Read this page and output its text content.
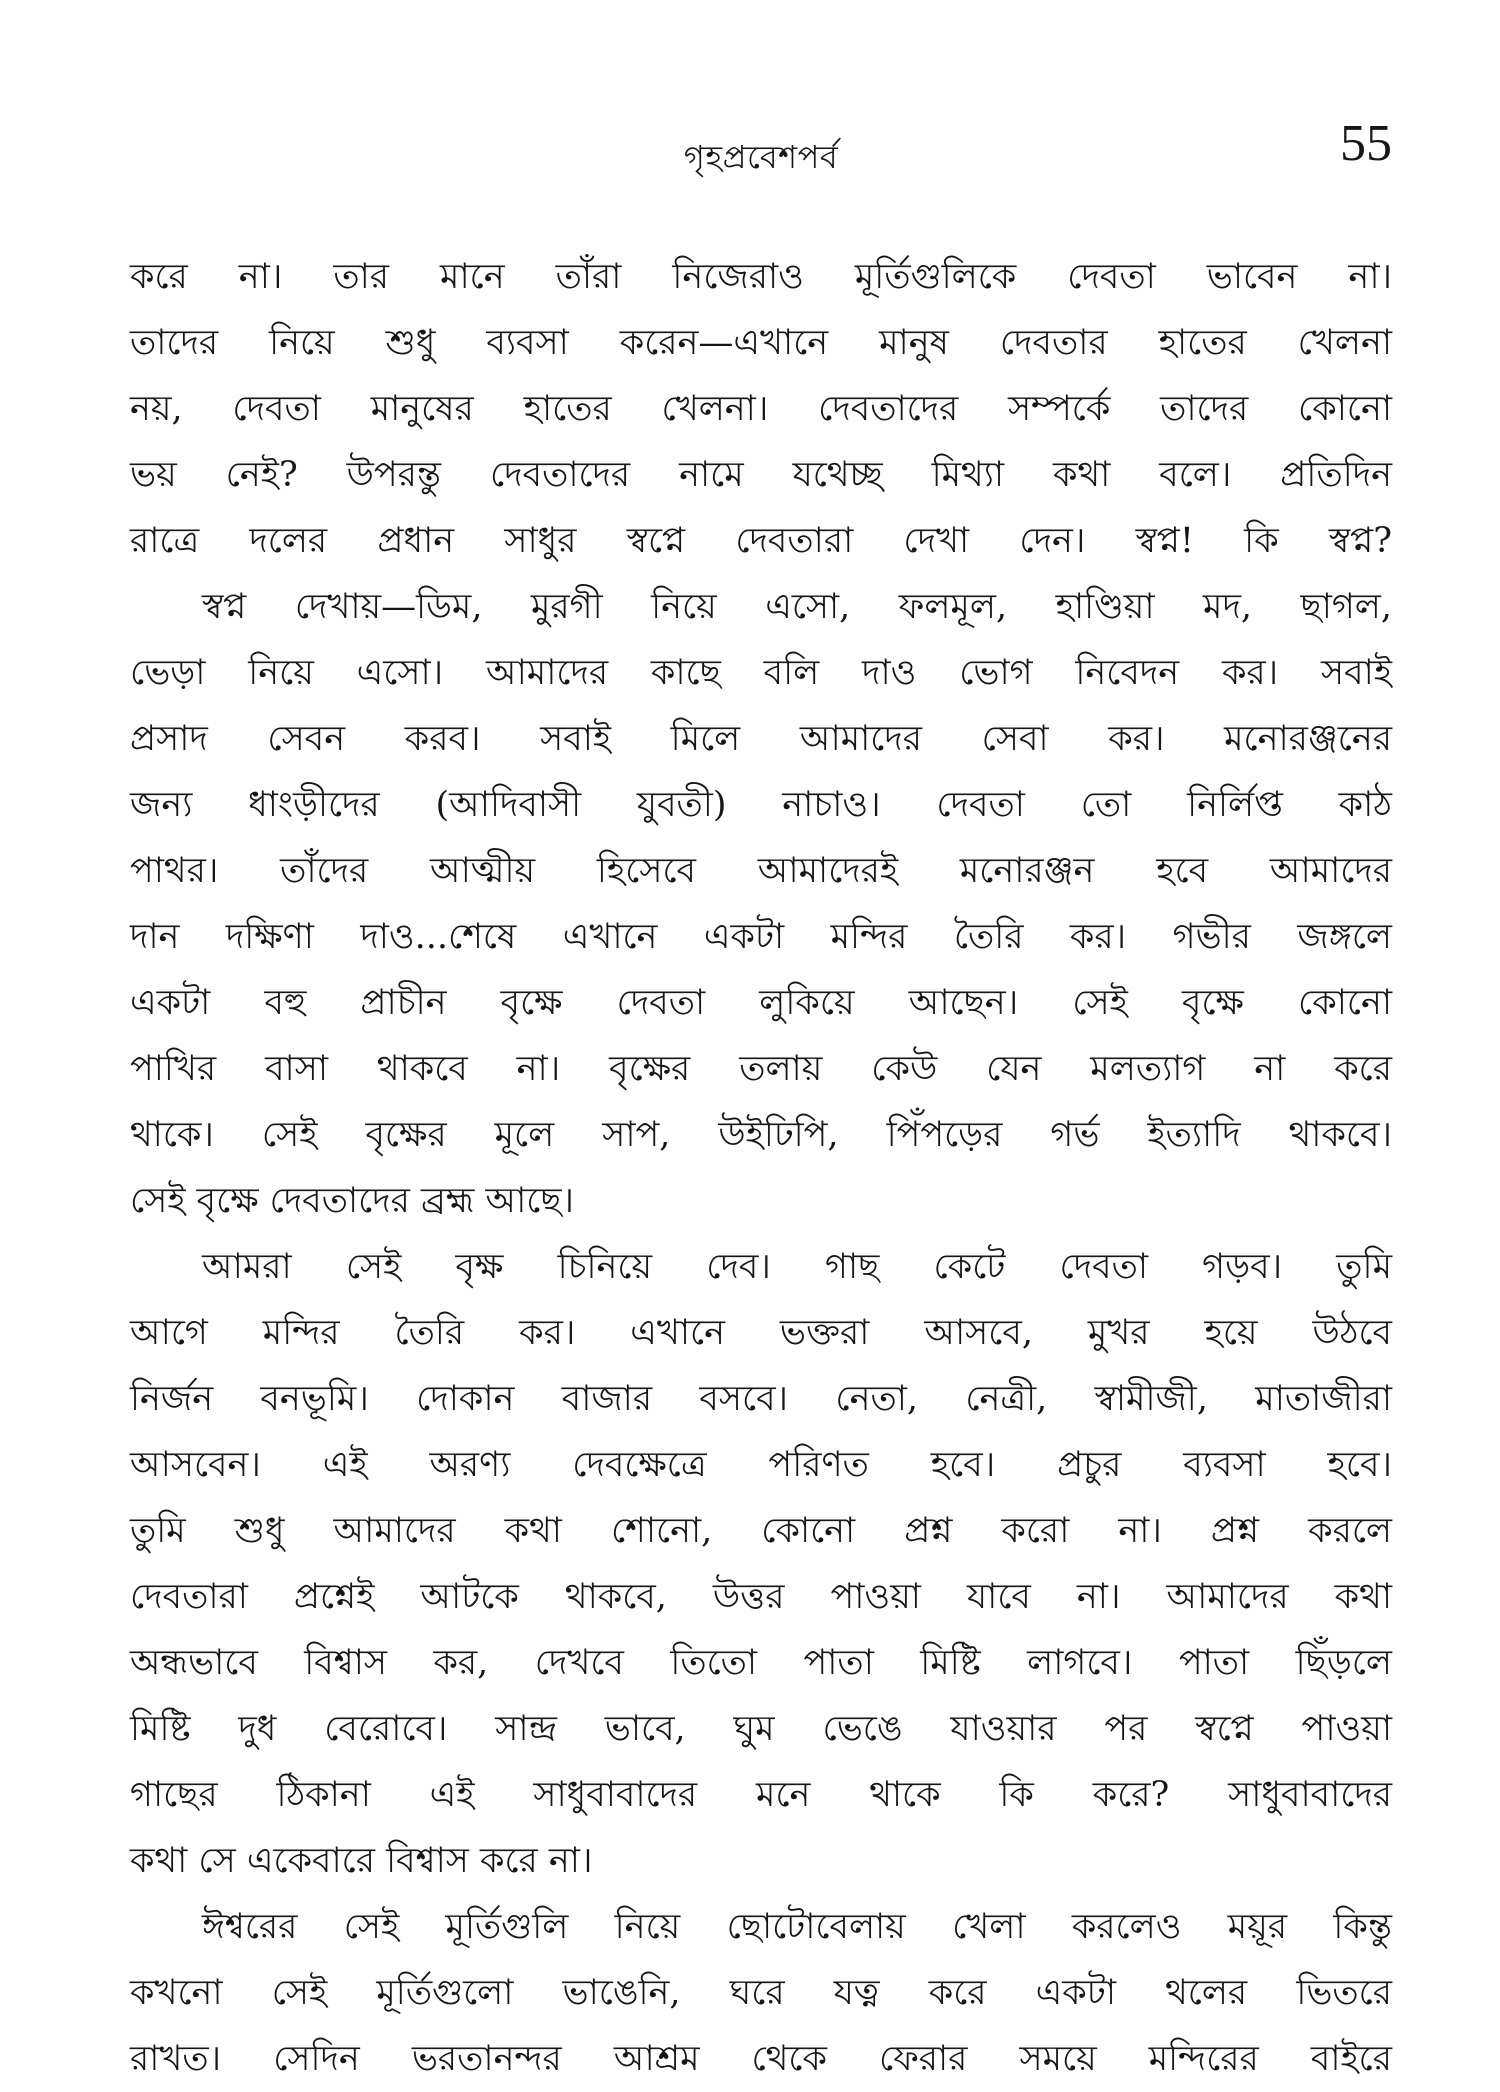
গৃহপ্রবেশপর্ব	55
করে না। তার মানে তাঁরা নিজেরাও মূর্তিগুলিকে দেবতা ভাবেন না।
তাদের নিয়ে শুধু ব্যবসা করেন—এখানে মানুষ দেবতার হাতের খেলনা
নয়, দেবতা মানুষের হাতের খেলনা। দেবতাদের সম্পর্কে তাদের কোনো
ভয় নেই? উপরন্তু দেবতাদের নামে যথেচ্ছ মিথ্যা কথা বলে। প্রতিদিন
রাত্রে দলের প্রধান সাধুর স্বপ্নে দেবতারা দেখা দেন। স্বপ্ন! কি স্বপ্ন?
স্বপ্ন দেখায়—ডিম, মুরগী নিয়ে এসো, ফলমূল, হাণ্ডিয়া মদ, ছাগল,
ভেড়া নিয়ে এসো। আমাদের কাছে বলি দাও ভোগ নিবেদন কর। সবাই
প্রসাদ সেবন করব। সবাই মিলে আমাদের সেবা কর। মনোরঞ্জনের
জন্য ধাংড়ীদের (আদিবাসী যুবতী) নাচাও। দেবতা তো নির্লিপ্ত কাঠ
পাথর। তাঁদের আত্মীয় হিসেবে আমাদেরই মনোরঞ্জন হবে আমাদের
দান দক্ষিণা দাও...শেষে এখানে একটা মন্দির তৈরি কর। গভীর জঙ্গলে
একটা বহু প্রাচীন বৃক্ষে দেবতা লুকিয়ে আছেন। সেই বৃক্ষে কোনো
পাখির বাসা থাকবে না। বৃক্ষের তলায় কেউ যেন মলত্যাগ না করে
থাকে। সেই বৃক্ষের মূলে সাপ, উইঢিপি, পিঁপড়ের গর্ভ ইত্যাদি থাকবে।
সেই বৃক্ষে দেবতাদের ব্রহ্ম আছে।
আমরা সেই বৃক্ষ চিনিয়ে দেব। গাছ কেটে দেবতা গড়ব। তুমি
আগে মন্দির তৈরি কর। এখানে ভক্তরা আসবে, মুখর হয়ে উঠবে
নির্জন বনভূমি। দোকান বাজার বসবে। নেতা, নেত্রী, স্বামীজী, মাতাজীরা
আসবেন। এই অরণ্য দেবক্ষেত্রে পরিণত হবে। প্রচুর ব্যবসা হবে।
তুমি শুধু আমাদের কথা শোনো, কোনো প্রশ্ন করো না। প্রশ্ন করলে
দেবতারা প্রশ্নেই আটকে থাকবে, উত্তর পাওয়া যাবে না। আমাদের কথা
অন্ধভাবে বিশ্বাস কর, দেখবে তিতো পাতা মিষ্টি লাগবে। পাতা ছিঁড়লে
মিষ্টি দুধ বেরোবে। সান্দ্র ভাবে, ঘুম ভেঙে যাওয়ার পর স্বপ্নে পাওয়া
গাছের ঠিকানা এই সাধুবাবাদের মনে থাকে কি করে? সাধুবাবাদের
কথা সে একেবারে বিশ্বাস করে না।
ঈশ্বরের সেই মূর্তিগুলি নিয়ে ছোটোবেলায় খেলা করলেও ময়ূর কিন্তু
কখনো সেই মূর্তিগুলো ভাঙেনি, ঘরে যত্ন করে একটা থলের ভিতরে
রাখত। সেদিন ভরতানন্দর আশ্রম থেকে ফেরার সময়ে মন্দিরের বাইরে
